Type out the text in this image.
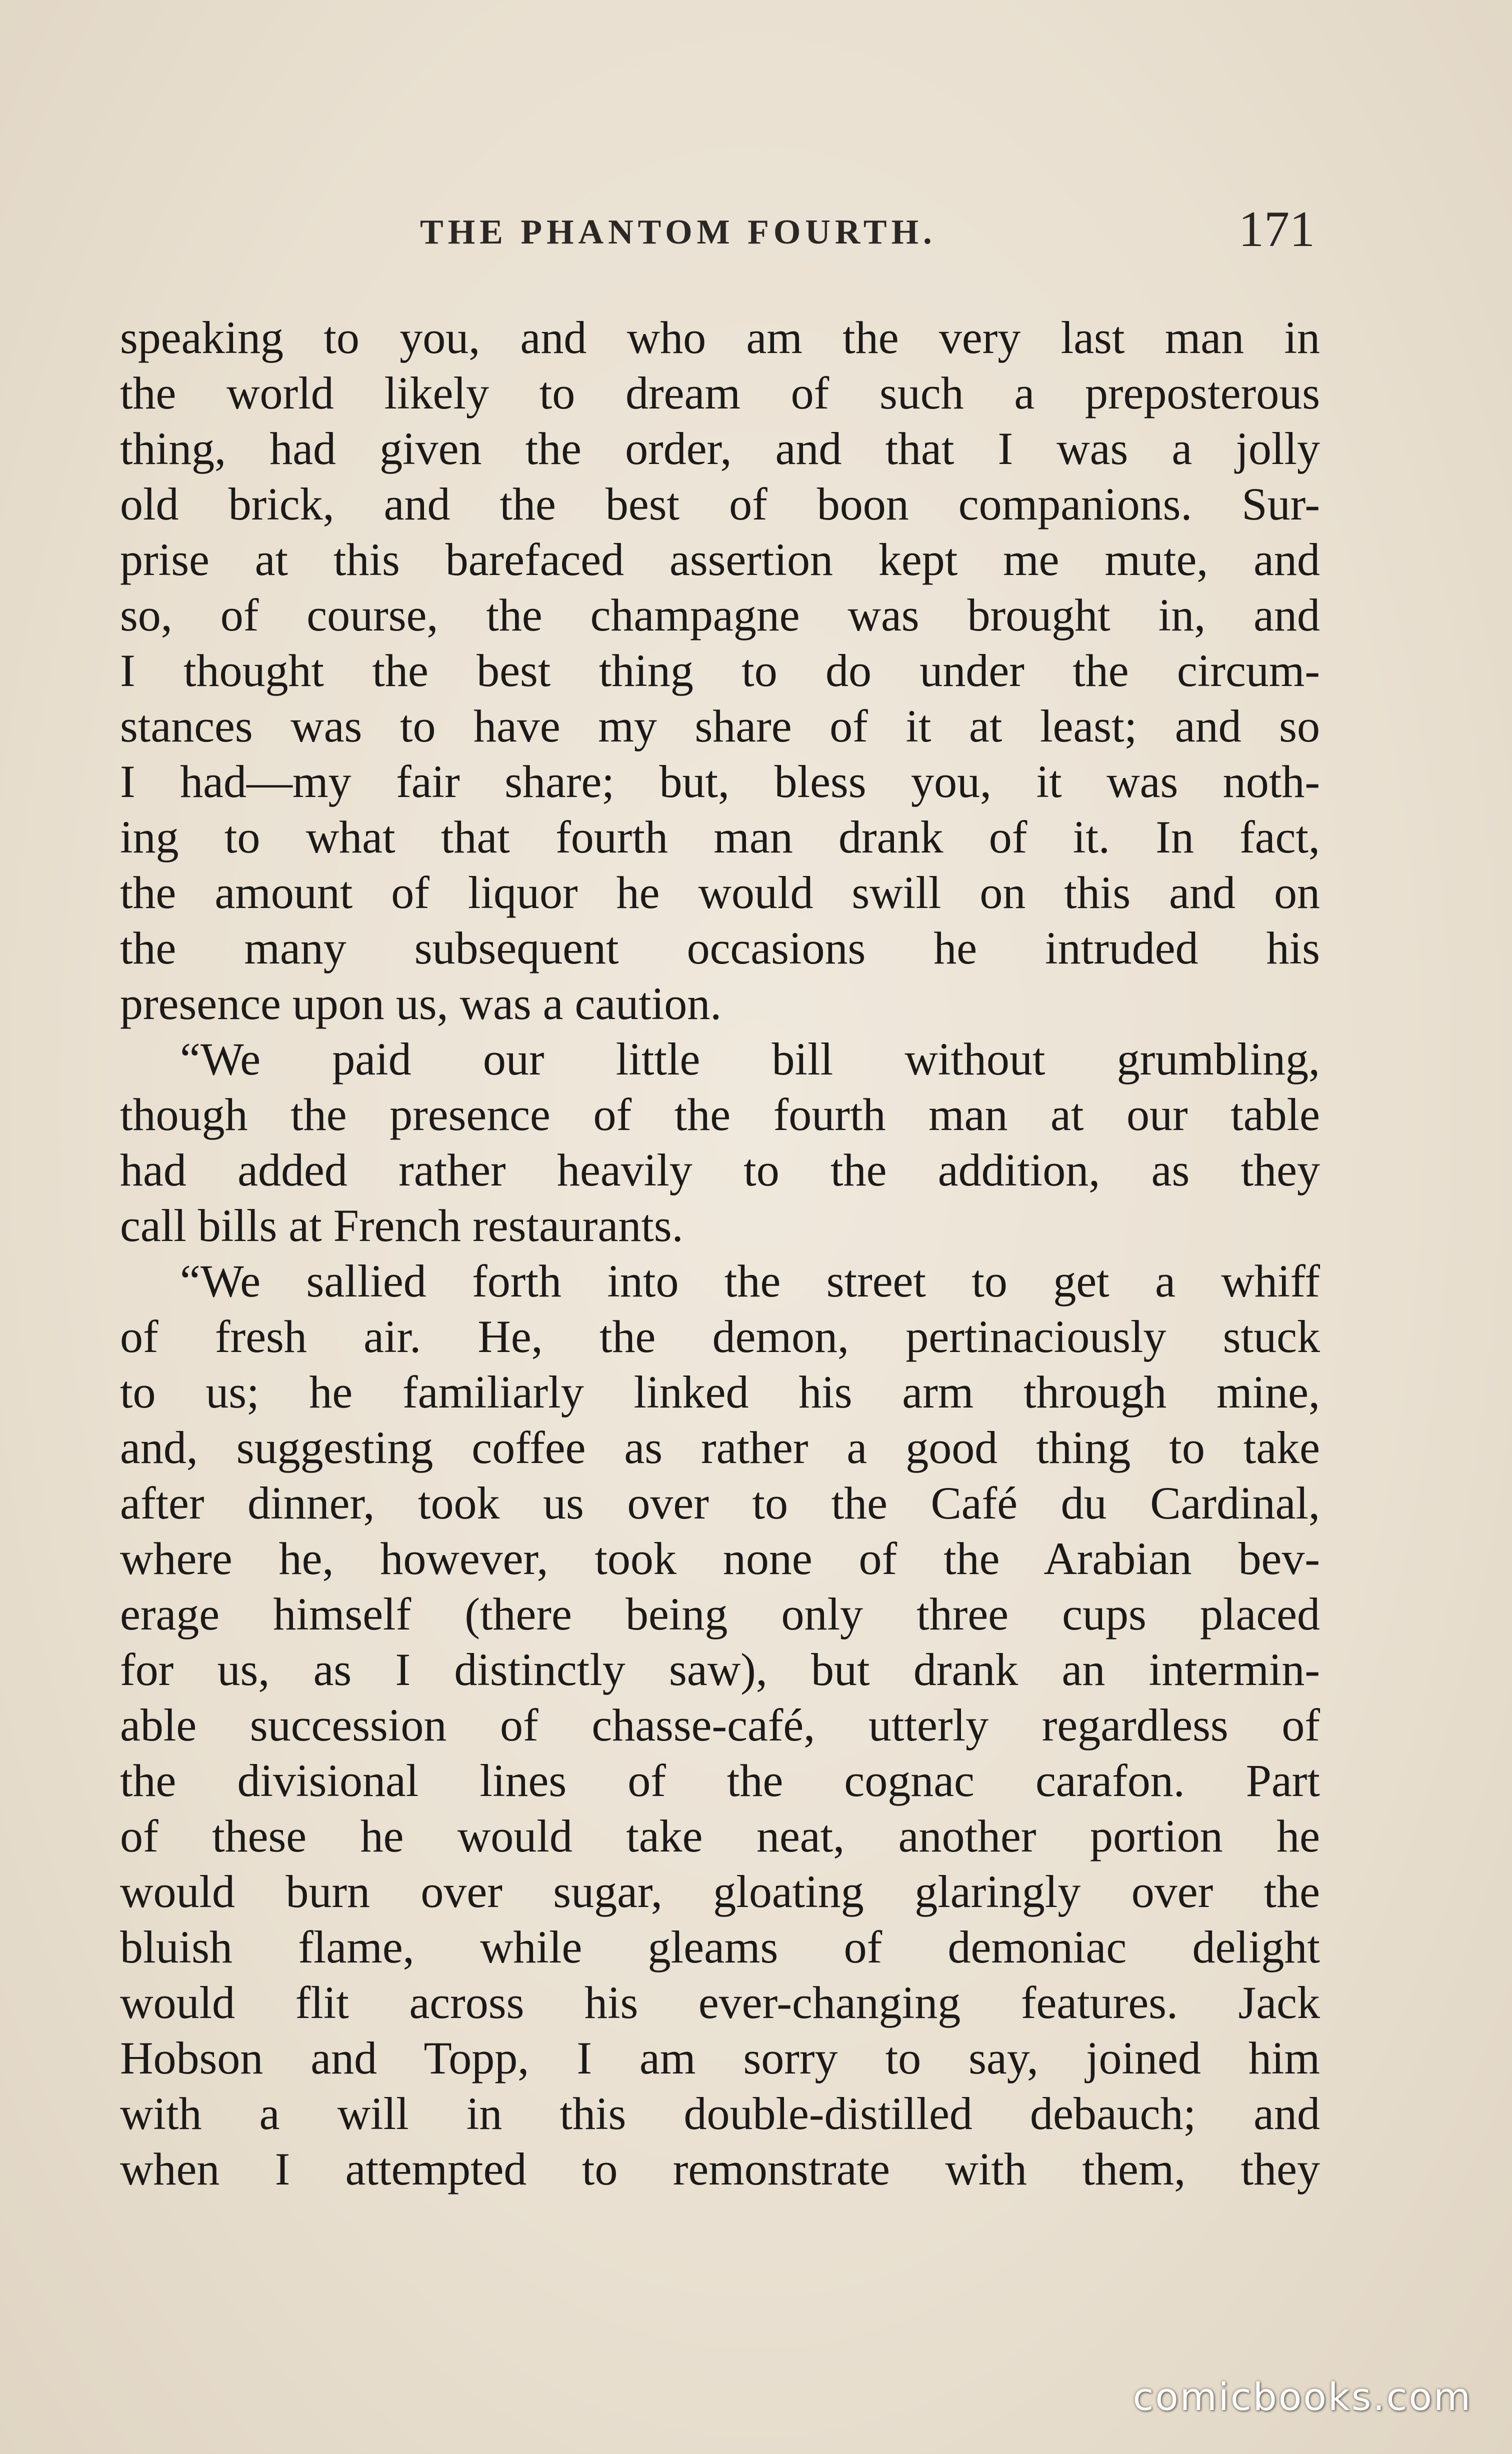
THE PHANTOM FOURTH.	171
speaking to you, and who am the very last man in
the world likely to dream of such a preposterous
thing, had given the order, and that I was a jolly
old brick, and the best of boon companions. Sur-
prise at this barefaced assertion kept me mute, and
so, of course, the champagne was brought in, and
I thought the best thing to do under the circum-
stances was to have my share of it at least; and so
I had—my fair share; but, bless you, it was noth-
ing to what that fourth man drank of it. In fact,
the amount of liquor he would swill on this and on
the many subsequent occasions he intruded his
presence upon us, was a caution.
“We paid our little bill without grumbling,
though the presence of the fourth man at our table
had added rather heavily to the addition, as they
call bills at French restaurants.
“We sallied forth into the street to get a whiff
of fresh air. He, the demon, pertinaciously stuck
to us; he familiarly linked his arm through mine,
and, suggesting coffee as rather a good thing to take
after dinner, took us over to the Café du Cardinal,
where he, however, took none of the Arabian bev-
erage himself (there being only three cups placed
for us, as I distinctly saw), but drank an intermin-
able succession of chasse-café, utterly regardless of
the divisional lines of the cognac carafon. Part
of these he would take neat, another portion he
would burn over sugar, gloating glaringly over the
bluish flame, while gleams of demoniac delight
would flit across his ever-changing features. Jack
Hobson and Topp, I am sorry to say, joined him
with a will in this double-distilled debauch; and
when I attempted to remonstrate with them, they
comicbooks.com
